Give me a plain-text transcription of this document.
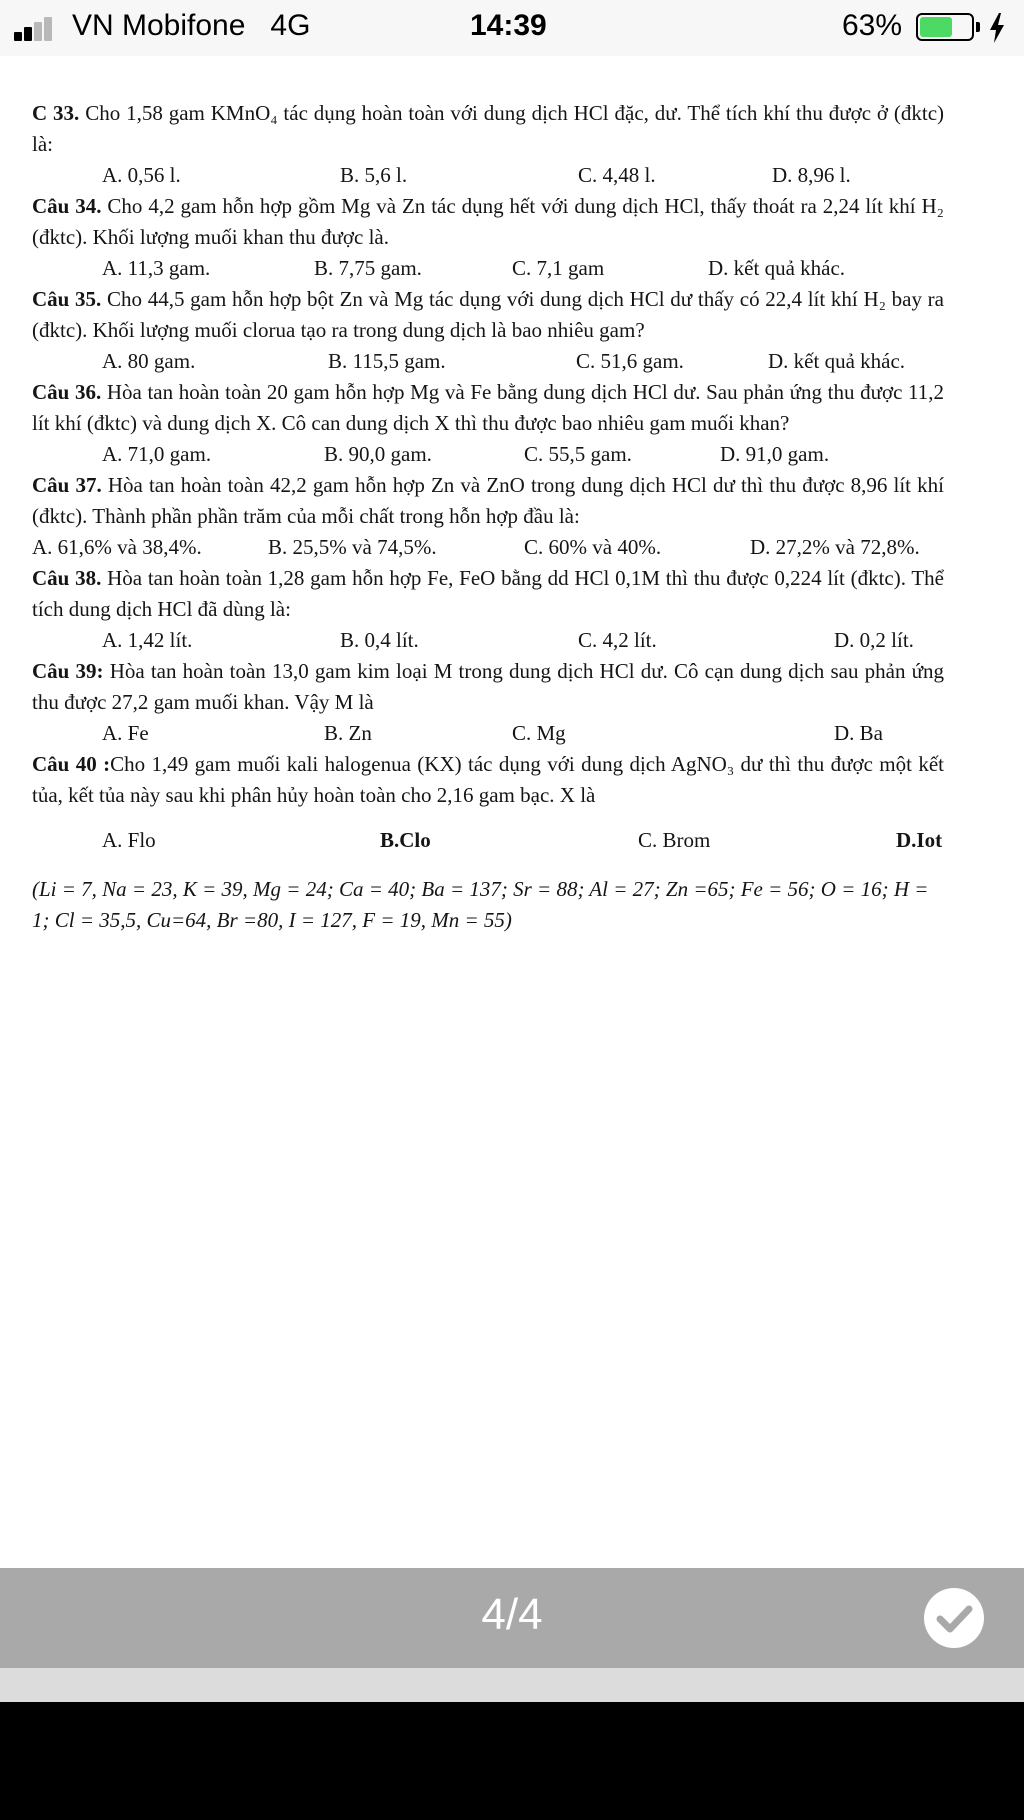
VN Mobifone   4G	14:39	63%

C 33. Cho 1,58 gam KMnO₄ tác dụng hoàn toàn với dung dịch HCl đặc, dư. Thể tích khí thu được ở (đktc) là:

A. 0,56 l.	B. 5,6 l.	C. 4,48 l.	D. 8,96 l.

Câu 34. Cho 4,2 gam hỗn hợp gồm Mg và Zn tác dụng hết với dung dịch HCl, thấy thoát ra 2,24 lít khí H₂ (đktc). Khối lượng muối khan thu được là.

A. 11,3 gam.	B. 7,75 gam.	C. 7,1 gam	D. kết quả khác.

Câu 35. Cho 44,5 gam hỗn hợp bột Zn và Mg tác dụng với dung dịch HCl dư thấy có 22,4 lít khí H₂ bay ra (đktc). Khối lượng muối clorua tạo ra trong dung dịch là bao nhiêu gam?

A. 80 gam.	B. 115,5 gam.	C. 51,6 gam.	D. kết quả khác.

Câu 36. Hòa tan hoàn toàn 20 gam hỗn hợp Mg và Fe bằng dung dịch HCl dư. Sau phản ứng thu được 11,2 lít khí (đktc) và dung dịch X. Cô can dung dịch X thì thu được bao nhiêu gam muối khan?

A. 71,0 gam.	B. 90,0 gam.	C. 55,5 gam.	D. 91,0 gam.

Câu 37. Hòa tan hoàn toàn 42,2 gam hỗn hợp Zn và ZnO trong dung dịch HCl dư thì thu được 8,96 lít khí (đktc). Thành phần phần trăm của mỗi chất trong hỗn hợp đầu là:

A. 61,6% và 38,4%.	B. 25,5% và 74,5%.	C. 60% và 40%.	D. 27,2% và 72,8%.

Câu 38. Hòa tan hoàn toàn 1,28 gam hỗn hợp Fe, FeO bằng dd HCl 0,1M thì thu được 0,224 lít (đktc). Thể tích dung dịch HCl đã dùng là:

A. 1,42 lít.	B. 0,4 lít.	C. 4,2 lít.	D. 0,2 lít.

Câu 39: Hòa tan hoàn toàn 13,0 gam kim loại M trong dung dịch HCl dư. Cô cạn dung dịch sau phản ứng thu được 27,2 gam muối khan. Vậy M là

A. Fe	B. Zn	C. Mg	D. Ba

Câu 40 :Cho 1,49 gam muối kali halogenua (KX) tác dụng với dung dịch AgNO₃ dư thì thu được một kết tủa, kết tủa này sau khi phân hủy hoàn toàn cho 2,16 gam bạc. X là

A. Flo	B.Clo	C. Brom	D.Iot

(Li = 7, Na = 23, K = 39, Mg = 24; Ca = 40; Ba = 137; Sr = 88; Al = 27; Zn =65; Fe = 56; O = 16; H = 1; Cl = 35,5, Cu=64, Br =80, I = 127, F = 19, Mn = 55)

4/4
